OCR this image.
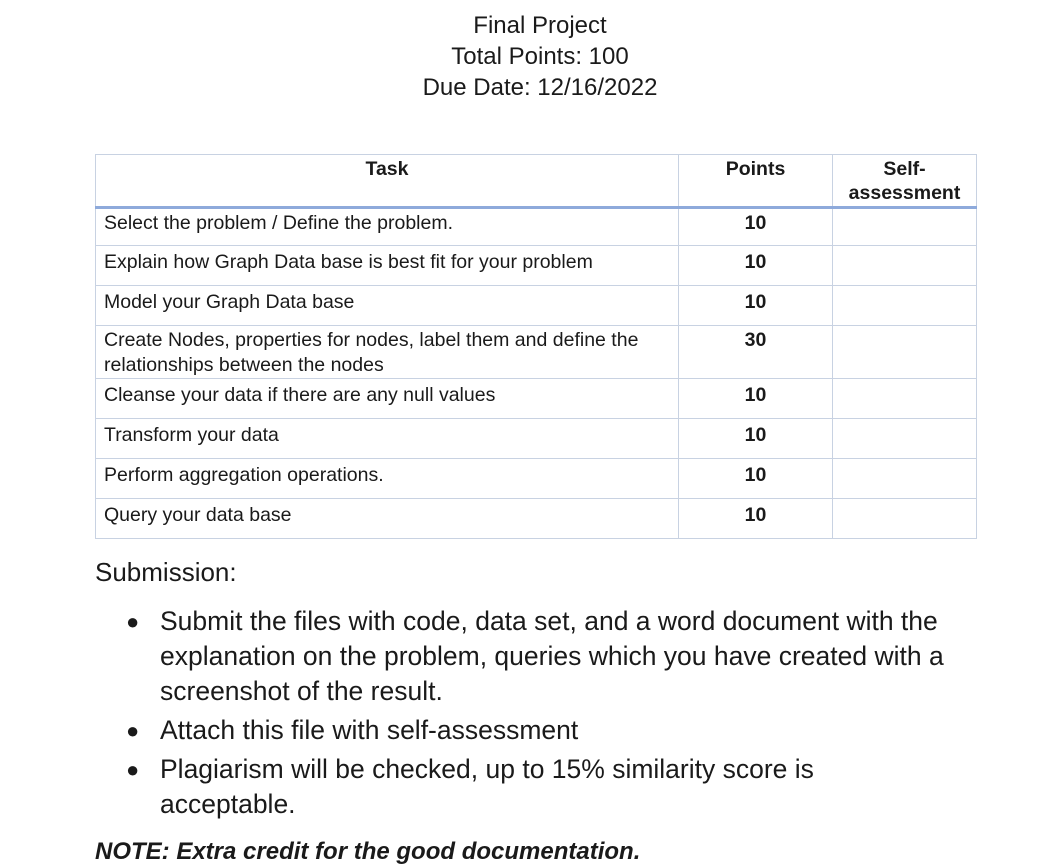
Final Project
Total Points: 100
Due Date: 12/16/2022
Task	Points	Self-
assessment
Select the problem / Define the problem.	10	
Explain how Graph Data base is best fit for your problem	10	
Model your Graph Data base	10	
Create Nodes, properties for nodes, label them and define the relationships between the nodes	30	
Cleanse your data if there are any null values	10	
Transform your data	10	
Perform aggregation operations.	10	
Query your data base	10	
Submission:
● Submit the files with code, data set, and a word document with the explanation on the problem, queries which you have created with a screenshot of the result.
● Attach this file with self-assessment
● Plagiarism will be checked, up to 15% similarity score is acceptable.
NOTE: Extra credit for the good documentation.
